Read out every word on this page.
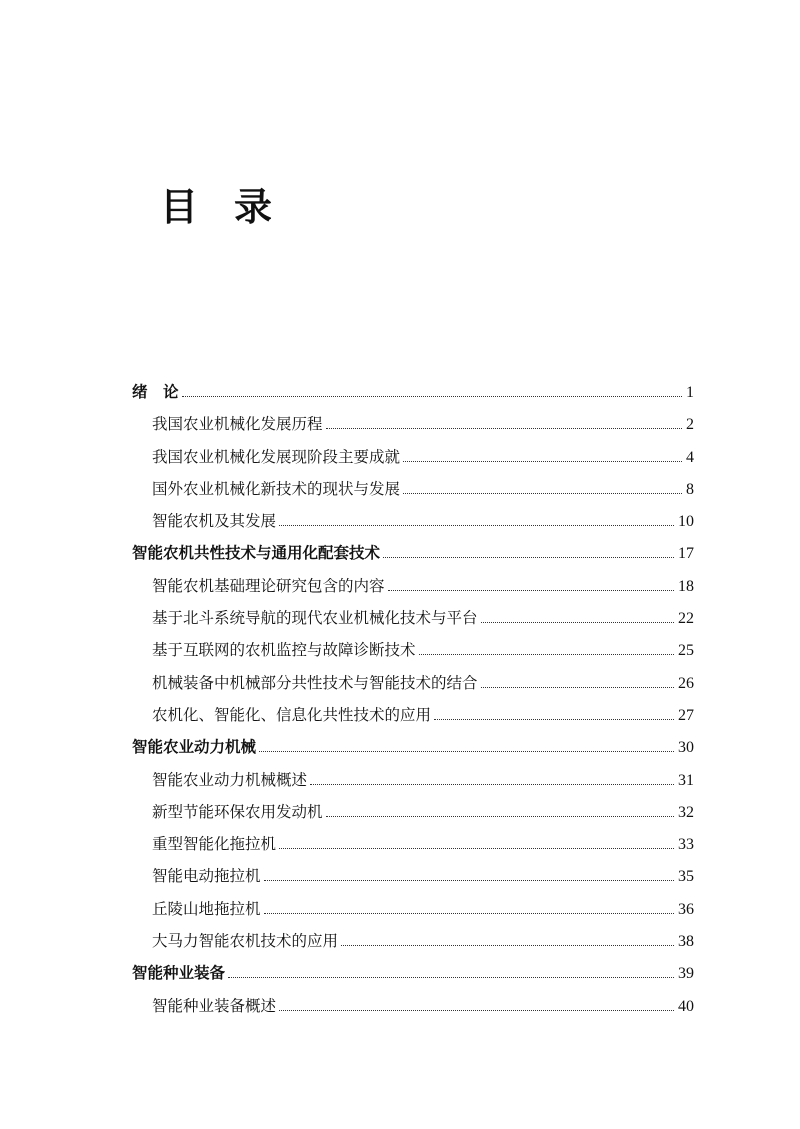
目 录
绪　论	1
我国农业机械化发展历程	2
我国农业机械化发展现阶段主要成就	4
国外农业机械化新技术的现状与发展	8
智能农机及其发展	10
智能农机共性技术与通用化配套技术	17
智能农机基础理论研究包含的内容	18
基于北斗系统导航的现代农业机械化技术与平台	22
基于互联网的农机监控与故障诊断技术	25
机械装备中机械部分共性技术与智能技术的结合	26
农机化、智能化、信息化共性技术的应用	27
智能农业动力机械	30
智能农业动力机械概述	31
新型节能环保农用发动机	32
重型智能化拖拉机	33
智能电动拖拉机	35
丘陵山地拖拉机	36
大马力智能农机技术的应用	38
智能种业装备	39
智能种业装备概述	40
